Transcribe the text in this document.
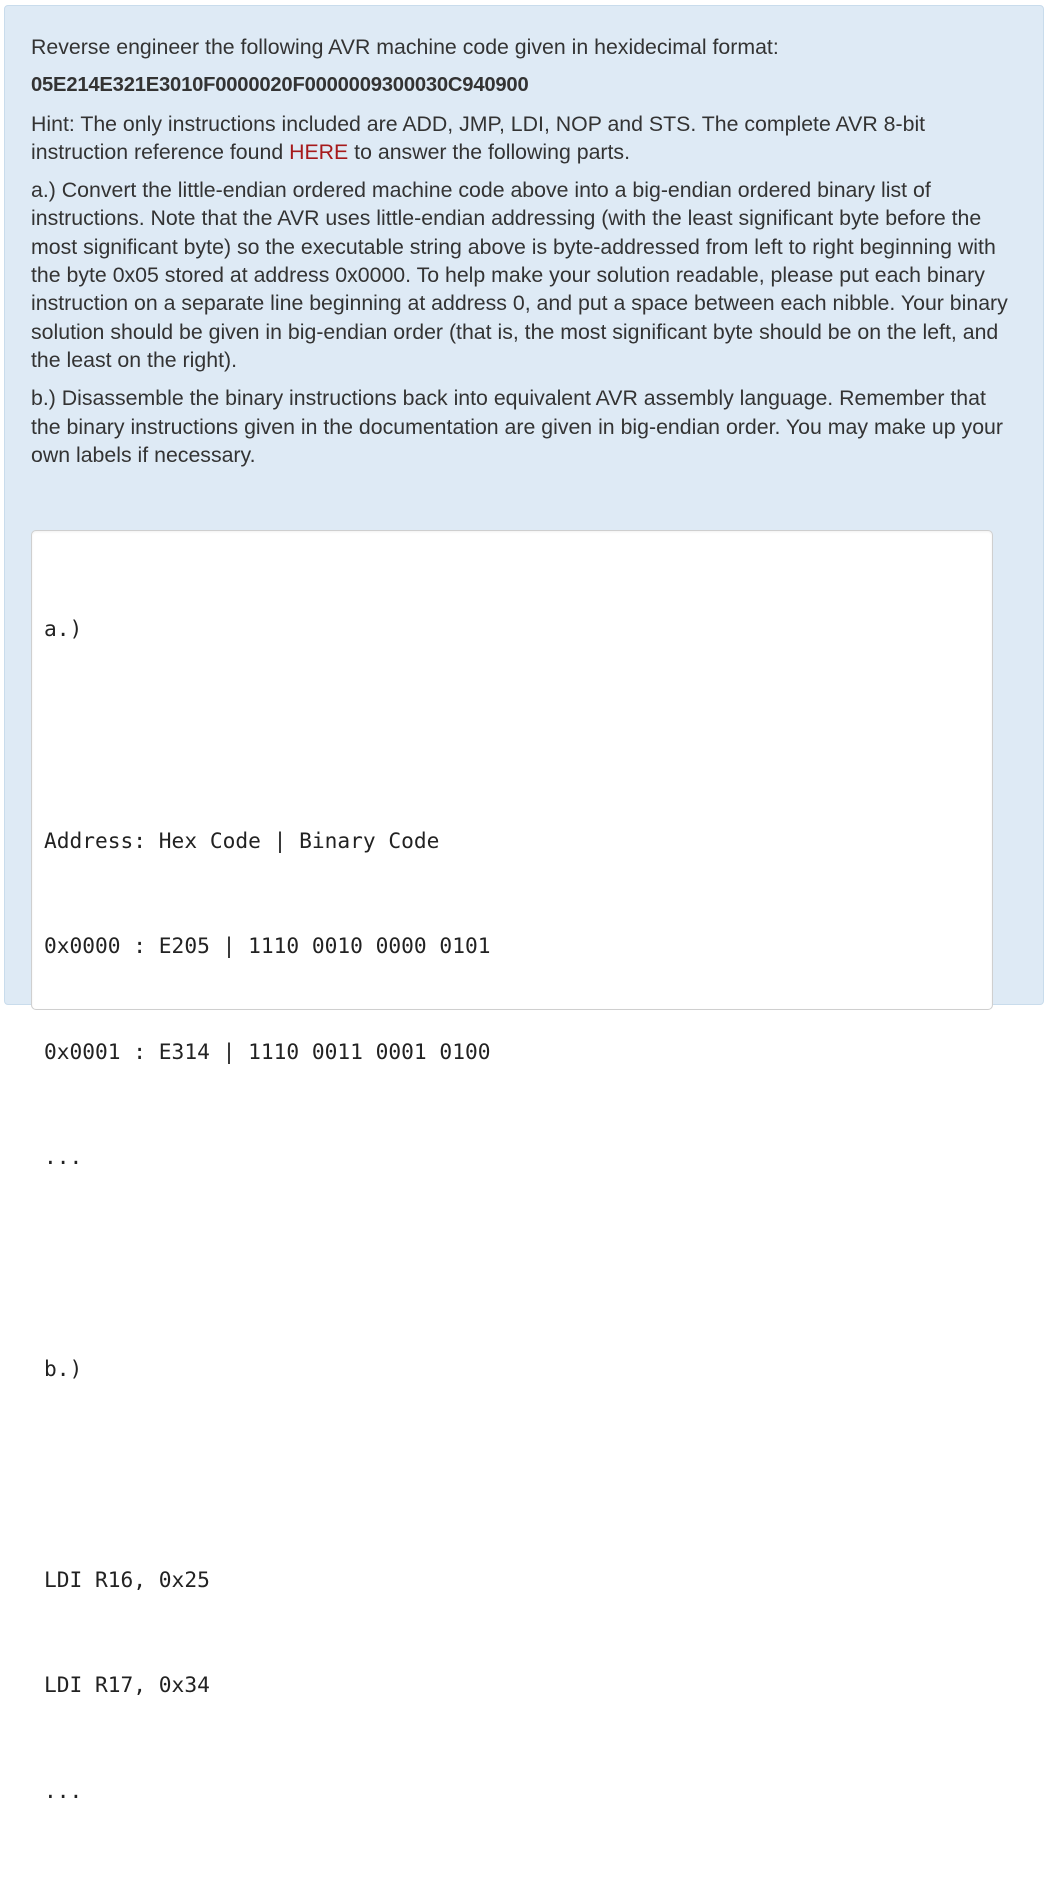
Reverse engineer the following AVR machine code given in hexidecimal format:

05E214E321E3010F0000020F0000009300030C940900

Hint: The only instructions included are ADD, JMP, LDI, NOP and STS. The complete AVR 8-bit instruction reference found HERE to answer the following parts.

a.) Convert the little-endian ordered machine code above into a big-endian ordered binary list of instructions. Note that the AVR uses little-endian addressing (with the least significant byte before the most significant byte) so the executable string above is byte-addressed from left to right beginning with the byte 0x05 stored at address 0x0000. To help make your solution readable, please put each binary instruction on a separate line beginning at address 0, and put a space between each nibble. Your binary solution should be given in big-endian order (that is, the most significant byte should be on the left, and the least on the right).

b.) Disassemble the binary instructions back into equivalent AVR assembly language. Remember that the binary instructions given in the documentation are given in big-endian order. You may make up your own labels if necessary.

a.)

Address: Hex Code | Binary Code

0x0000 : E205 | 1110 0010 0000 0101

0x0001 : E314 | 1110 0011 0001 0100

...

b.)

LDI R16, 0x25

LDI R17, 0x34

...
